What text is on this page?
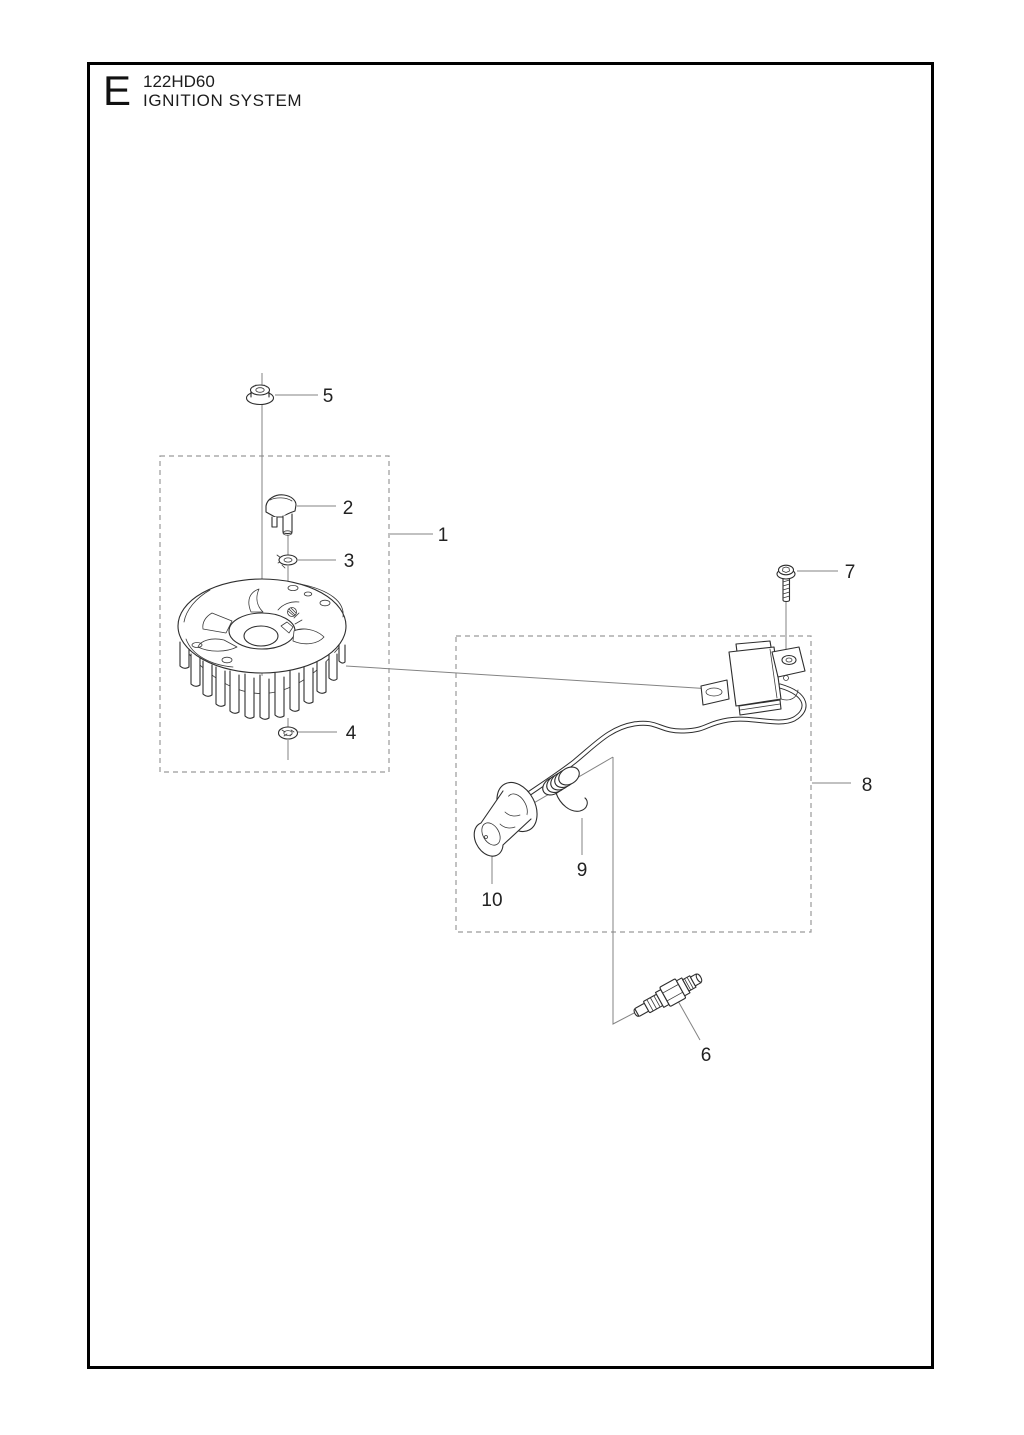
E 122HD60
IGNITION SYSTEM
1
2
3
4
5
6
7
8
9
10
